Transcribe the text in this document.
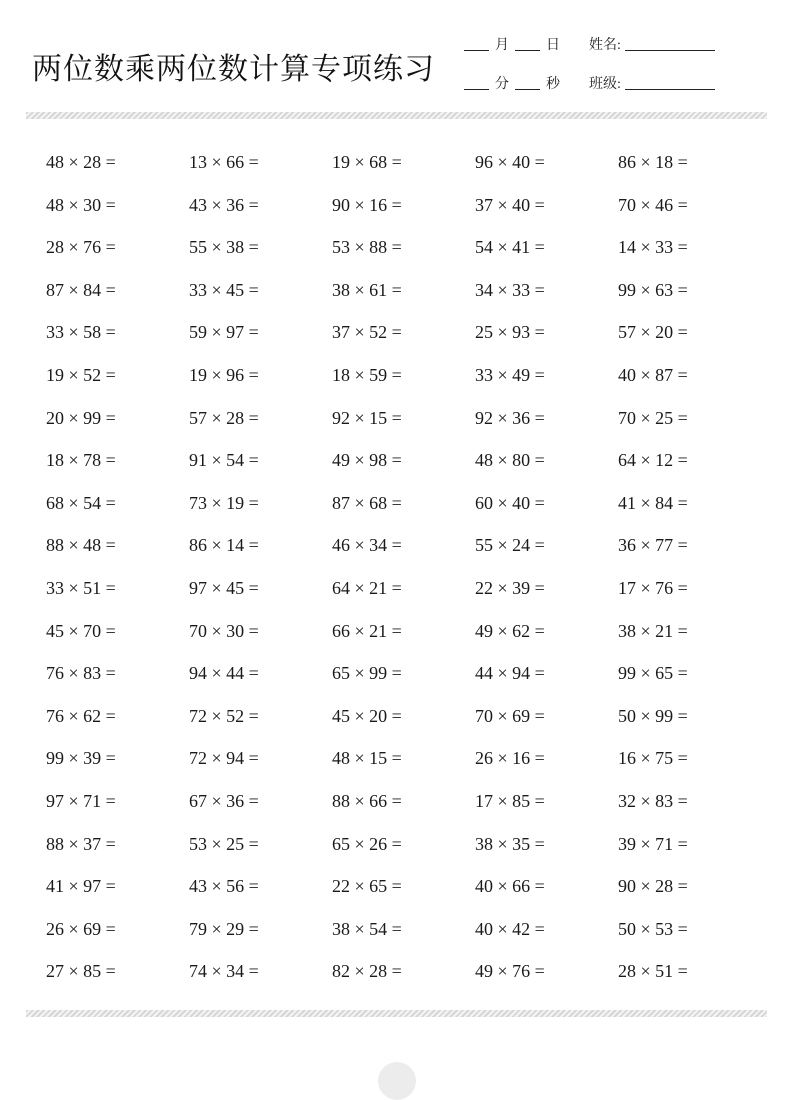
两位数乘两位数计算专项练习
月	日
分	秒
姓名:
班级:
48 × 28 =	13 × 66 =	19 × 68 =	96 × 40 =	86 × 18 =
48 × 30 =	43 × 36 =	90 × 16 =	37 × 40 =	70 × 46 =
28 × 76 =	55 × 38 =	53 × 88 =	54 × 41 =	14 × 33 =
87 × 84 =	33 × 45 =	38 × 61 =	34 × 33 =	99 × 63 =
33 × 58 =	59 × 97 =	37 × 52 =	25 × 93 =	57 × 20 =
19 × 52 =	19 × 96 =	18 × 59 =	33 × 49 =	40 × 87 =
20 × 99 =	57 × 28 =	92 × 15 =	92 × 36 =	70 × 25 =
18 × 78 =	91 × 54 =	49 × 98 =	48 × 80 =	64 × 12 =
68 × 54 =	73 × 19 =	87 × 68 =	60 × 40 =	41 × 84 =
88 × 48 =	86 × 14 =	46 × 34 =	55 × 24 =	36 × 77 =
33 × 51 =	97 × 45 =	64 × 21 =	22 × 39 =	17 × 76 =
45 × 70 =	70 × 30 =	66 × 21 =	49 × 62 =	38 × 21 =
76 × 83 =	94 × 44 =	65 × 99 =	44 × 94 =	99 × 65 =
76 × 62 =	72 × 52 =	45 × 20 =	70 × 69 =	50 × 99 =
99 × 39 =	72 × 94 =	48 × 15 =	26 × 16 =	16 × 75 =
97 × 71 =	67 × 36 =	88 × 66 =	17 × 85 =	32 × 83 =
88 × 37 =	53 × 25 =	65 × 26 =	38 × 35 =	39 × 71 =
41 × 97 =	43 × 56 =	22 × 65 =	40 × 66 =	90 × 28 =
26 × 69 =	79 × 29 =	38 × 54 =	40 × 42 =	50 × 53 =
27 × 85 =	74 × 34 =	82 × 28 =	49 × 76 =	28 × 51 =
